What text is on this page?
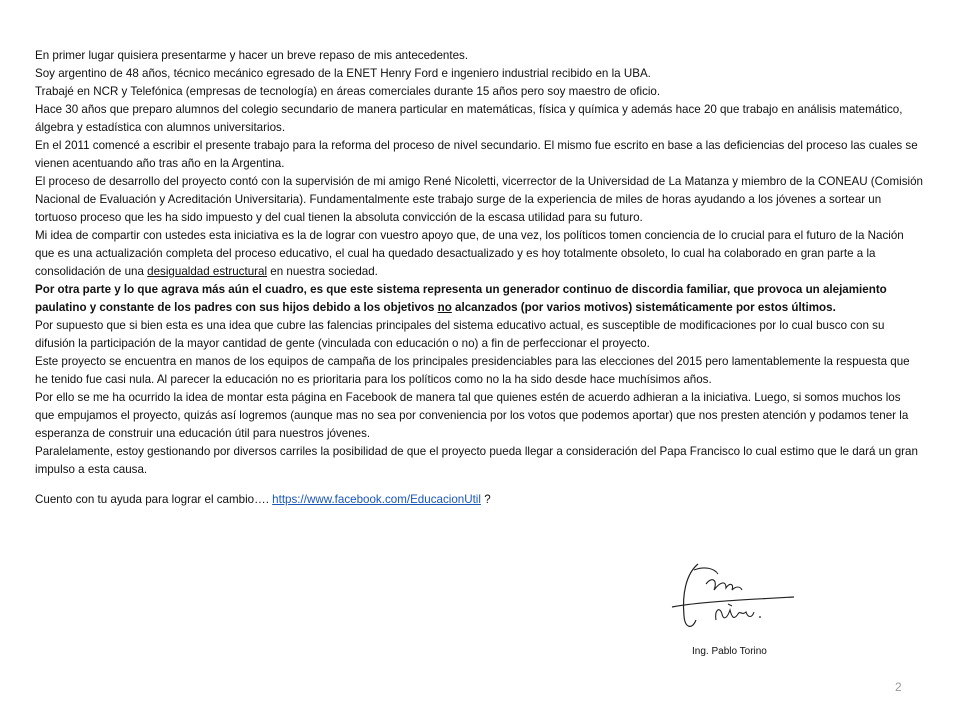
En primer lugar quisiera presentarme y hacer un breve repaso de mis antecedentes.

Soy argentino de 48 años, técnico mecánico egresado de la ENET Henry Ford e ingeniero industrial recibido en la UBA.

Trabajé en NCR y Telefónica (empresas de tecnología) en áreas comerciales durante 15 años pero soy maestro de oficio.

Hace 30 años que preparo alumnos del colegio secundario de manera particular en matemáticas, física y química y además hace 20 que trabajo en análisis matemático, álgebra y estadística con alumnos universitarios.

En el 2011 comencé a escribir el presente trabajo para la reforma del proceso de nivel secundario. El mismo fue escrito en base a las deficiencias del proceso las cuales se vienen acentuando año tras año en la Argentina.

El proceso de desarrollo del proyecto contó con la supervisión de mi amigo René Nicoletti, vicerrector de la Universidad de La Matanza y miembro de la CONEAU (Comisión Nacional de Evaluación y Acreditación Universitaria). Fundamentalmente este trabajo surge de la experiencia de miles de horas ayudando a los jóvenes a sortear un tortuoso proceso que les ha sido impuesto y del cual tienen la absoluta convicción de la escasa utilidad para su futuro.

Mi idea de compartir con ustedes esta iniciativa es la de lograr con vuestro apoyo que, de una vez, los políticos tomen conciencia de lo crucial para el futuro de la Nación que es una actualización completa del proceso educativo, el cual ha quedado desactualizado y es hoy totalmente obsoleto, lo cual ha colaborado en gran parte a la consolidación de una desigualdad estructural en nuestra sociedad.

Por otra parte y lo que agrava más aún el cuadro, es que este sistema representa un generador continuo de discordia familiar, que provoca un alejamiento paulatino y constante de los padres con sus hijos debido a los objetivos no alcanzados (por varios motivos) sistemáticamente por estos últimos.

Por supuesto que si bien esta es una idea que cubre las falencias principales del sistema educativo actual, es susceptible de modificaciones por lo cual busco con su difusión la participación de la mayor cantidad de gente (vinculada con educación o no) a fin de perfeccionar el proyecto.

Este proyecto se encuentra en manos de los equipos de campaña de los principales presidenciables para las elecciones del 2015 pero lamentablemente la respuesta que he tenido fue casi nula. Al parecer la educación no es prioritaria para los políticos como no la ha sido desde hace muchísimos años.

Por ello se me ha ocurrido la idea de montar esta página en Facebook de manera tal que quienes estén de acuerdo adhieran a la iniciativa. Luego, si somos muchos los que empujamos el proyecto, quizás así logremos (aunque mas no sea por conveniencia por los votos que podemos aportar) que nos presten atención y podamos tener la esperanza de construir una educación útil para nuestros jóvenes.

Paralelamente, estoy gestionando por diversos carriles la posibilidad de que el proyecto pueda llegar a consideración del Papa Francisco lo cual estimo que le dará un gran impulso a esta causa.

Cuento con tu ayuda para lograr el cambio…. https://www.facebook.com/EducacionUtil ?

Ing. Pablo Torino
2
